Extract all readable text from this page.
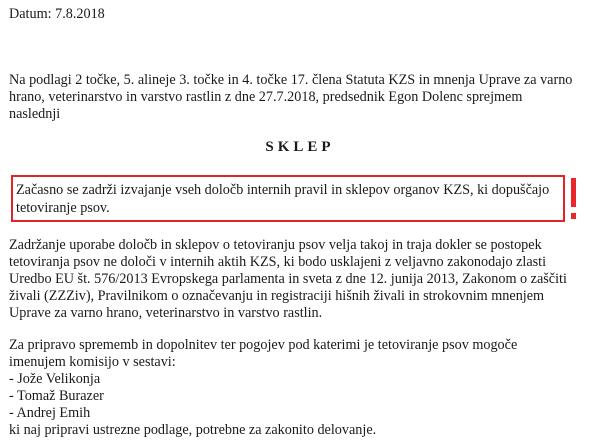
Datum: 7.8.2018
Na podlagi 2 točke, 5. alineje 3. točke in 4. točke 17. člena Statuta KZS in mnenja Uprave za varno
hrano, veterinarstvo in varstvo rastlin z dne 27.7.2018, predsednik Egon Dolenc sprejmem
naslednji
SKLEP
Začasno se zadrži izvajanje vseh določb internih pravil in sklepov organov KZS, ki dopuščajo
tetoviranje psov.
Zadržanje uporabe določb in sklepov o tetoviranju psov velja takoj in traja dokler se postopek
tetoviranja psov ne določi v internih aktih KZS, ki bodo usklajeni z veljavno zakonodajo zlasti
Uredbo EU št. 576/2013 Evropskega parlamenta in sveta z dne 12. junija 2013, Zakonom o zaščiti
živali (ZZZiv), Pravilnikom o označevanju in registraciji hišnih živali in strokovnim mnenjem
Uprave za varno hrano, veterinarstvo in varstvo rastlin.
Za pripravo sprememb in dopolnitev ter pogojev pod katerimi je tetoviranje psov mogoče
imenujem komisijo v sestavi:
- Jože Velikonja
- Tomaž Burazer
- Andrej Emih
ki naj pripravi ustrezne podlage, potrebne za zakonito delovanje.
